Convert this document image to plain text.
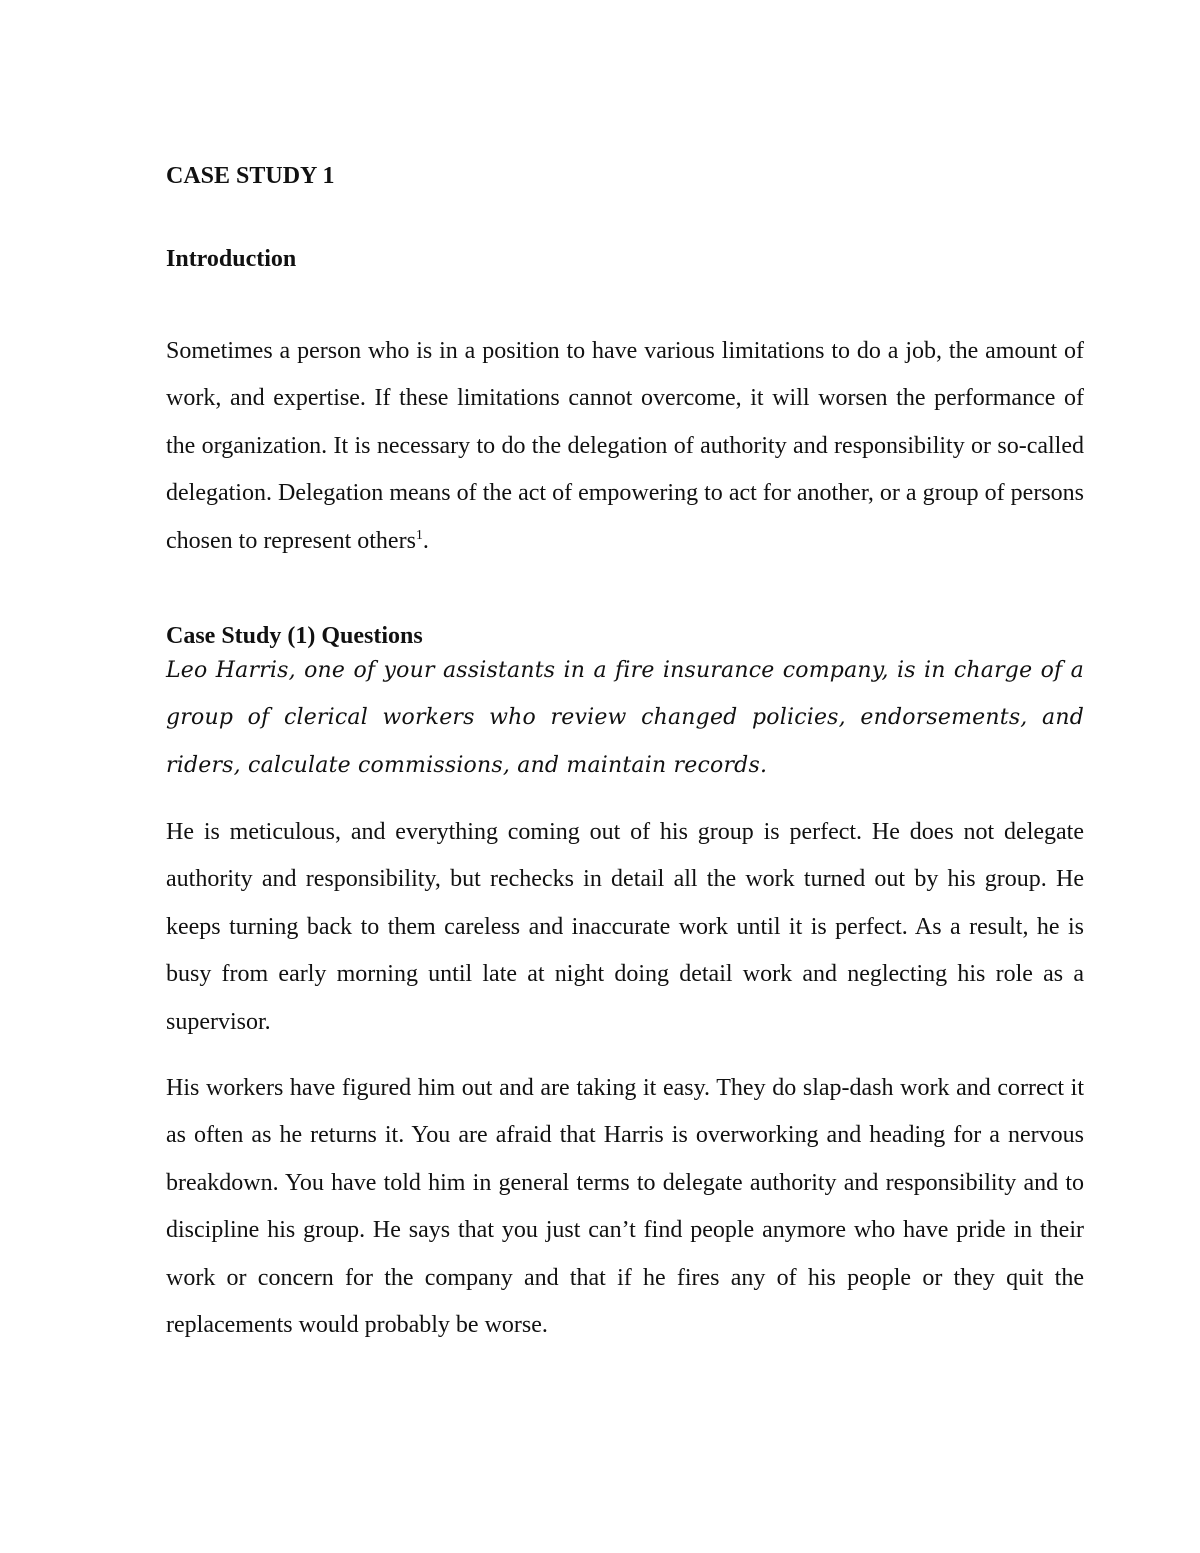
CASE STUDY 1
Introduction

Sometimes a person who is in a position to have various limitations to do a job, the amount of work, and expertise. If these limitations cannot overcome, it will worsen the performance of the organization. It is necessary to do the delegation of authority and responsibility or so-called delegation. Delegation means of the act of empowering to act for another, or a group of persons chosen to represent others$^1$.

Case Study (1) Questions

Leo Harris, one of your assistants in a fire insurance company, is in charge of a group of clerical workers who review changed policies, endorsements, and riders, calculate commissions, and maintain records.

He is meticulous, and everything coming out of his group is perfect. He does not delegate authority and responsibility, but rechecks in detail all the work turned out by his group. He keeps turning back to them careless and inaccurate work until it is perfect. As a result, he is busy from early morning until late at night doing detail work and neglecting his role as a supervisor.

His workers have figured him out and are taking it easy. They do slap-dash work and correct it as often as he returns it. You are afraid that Harris is overworking and heading for a nervous breakdown. You have told him in general terms to delegate authority and responsibility and to discipline his group. He says that you just can’t find people anymore who have pride in their work or concern for the company and that if he fires any of his people or they quit the replacements would probably be worse.
